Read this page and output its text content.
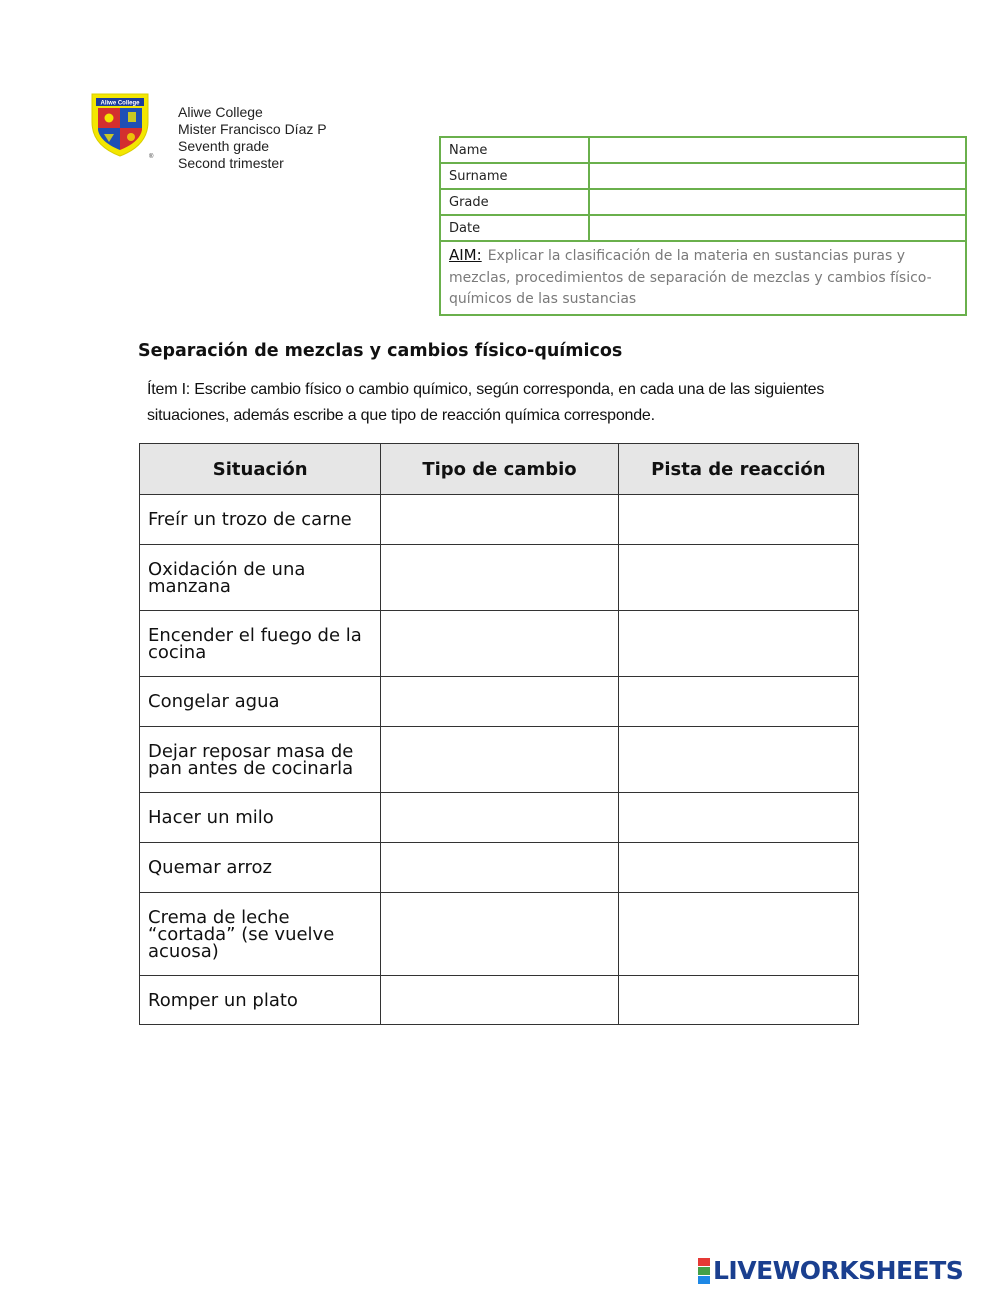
Aliwe College
®
Aliwe College
Mister Francisco Díaz P
Seventh grade
Second trimester
Name	
Surname	
Grade	
Date	
AIM: Explicar la clasificación de la materia en sustancias puras y mezclas, procedimientos de separación de mezclas y cambios físico-químicos de las sustancias	
Separación de mezclas y cambios físico-químicos
Ítem I: Escribe cambio físico o cambio químico, según corresponda, en cada una de las siguientes situaciones, además escribe a que tipo de reacción química corresponde.
Situación	Tipo de cambio	Pista de reacción
Freír un trozo de carne		
Oxidación de una manzana		
Encender el fuego de la cocina		
Congelar agua		
Dejar reposar masa de pan antes de cocinarla		
Hacer un milo		
Quemar arroz		
Crema de leche “cortada” (se vuelve acuosa)		
Romper un plato		
LIVEWORKSHEETS
